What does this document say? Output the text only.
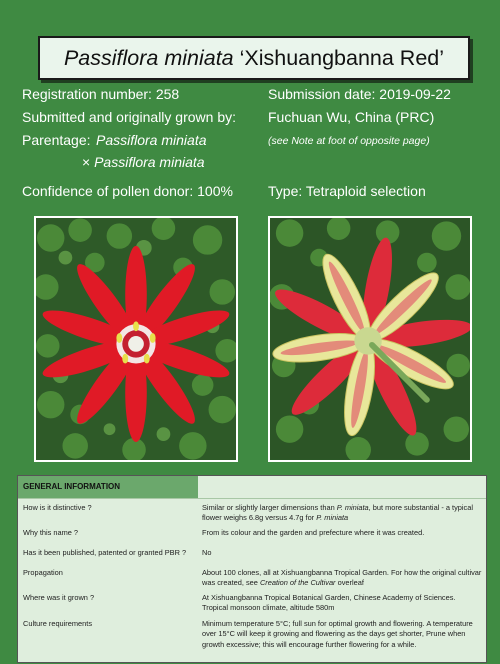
Passiflora miniata ‘Xishuangbanna Red’
Registration number: 258	Submission date: 2019-09-22
Submitted and originally grown by: Fuchuan Wu, China (PRC)
Parentage: Passiflora miniata	(see Note at foot of opposite page)
× Passiflora miniata
Confidence of pollen donor: 100%	Type: Tetraploid selection
GENERAL INFORMATION
How is it distinctive ?	Similar or slightly larger dimensions than P. miniata, but more substantial - a typical flower weighs 6.8g versus 4.7g for P. miniata
Why this name ?	From its colour and the garden and prefecture where it was created.
Has it been published, patented or granted PBR ?	No
Propagation	About 100 clones, all at Xishuangbanna Tropical Garden. For how the original cultivar was created, see Creation of the Cultivar overleaf
Where was it grown ?	At Xishuangbanna Tropical Botanical Garden, Chinese Academy of Sciences.
Tropical monsoon climate, altitude 580m
Culture requirements	Minimum temperature 5°C; full sun for optimal growth and flowering. A temperature over 15°C will keep it growing and flowering as the days get shorter, Prune when growth excessive; this will encourage further flowering for a while.
